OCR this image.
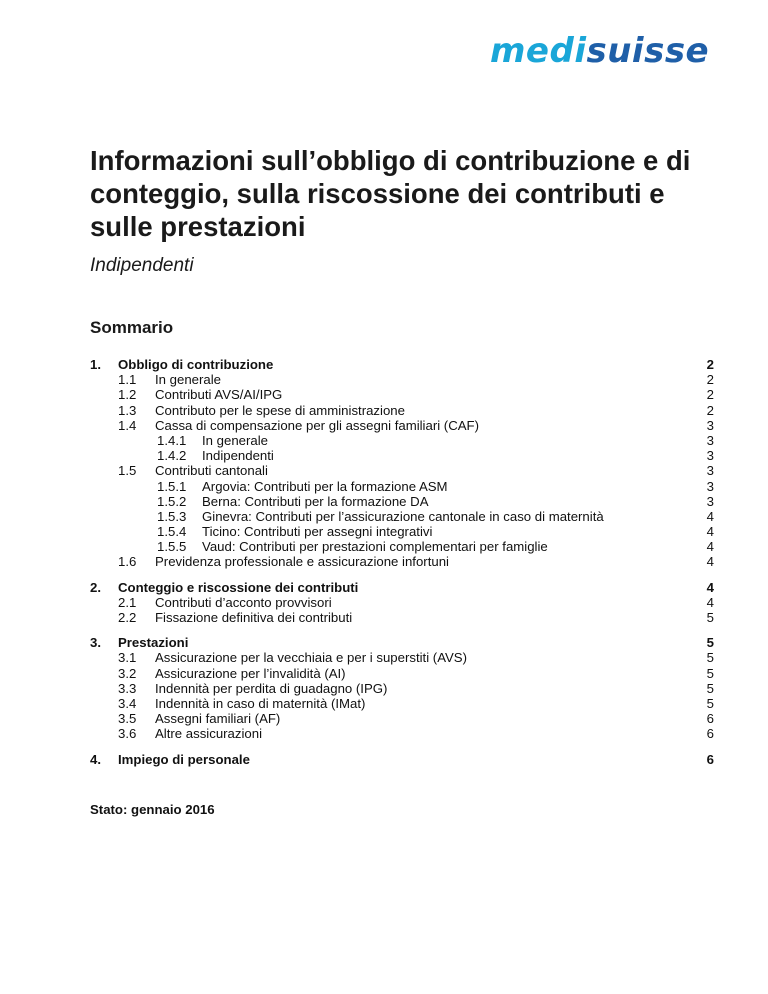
medisuisse
Informazioni sull’obbligo di contribuzione e di conteggio, sulla riscossione dei contributi e sulle prestazioni

Indipendenti

Sommario

1. Obbligo di contribuzione	2
1.1 In generale	2
1.2 Contributi AVS/AI/IPG	2
1.3 Contributo per le spese di amministrazione	2
1.4 Cassa di compensazione per gli assegni familiari (CAF)	3
1.4.1 In generale	3
1.4.2 Indipendenti	3
1.5 Contributi cantonali	3
1.5.1 Argovia: Contributi per la formazione ASM	3
1.5.2 Berna: Contributi per la formazione DA	3
1.5.3 Ginevra: Contributi per l’assicurazione cantonale in caso di maternità	4
1.5.4 Ticino: Contributi per assegni integrativi	4
1.5.5 Vaud: Contributi per prestazioni complementari per famiglie	4
1.6 Previdenza professionale e assicurazione infortuni	4
2. Conteggio e riscossione dei contributi	4
2.1 Contributi d’acconto provvisori	4
2.2 Fissazione definitiva dei contributi	5
3. Prestazioni	5
3.1 Assicurazione per la vecchiaia e per i superstiti (AVS)	5
3.2 Assicurazione per l’invalidità (AI)	5
3.3 Indennità per perdita di guadagno (IPG)	5
3.4 Indennità in caso di maternità (IMat)	5
3.5 Assegni familiari (AF)	6
3.6 Altre assicurazioni	6
4. Impiego di personale	6

Stato: gennaio 2016
